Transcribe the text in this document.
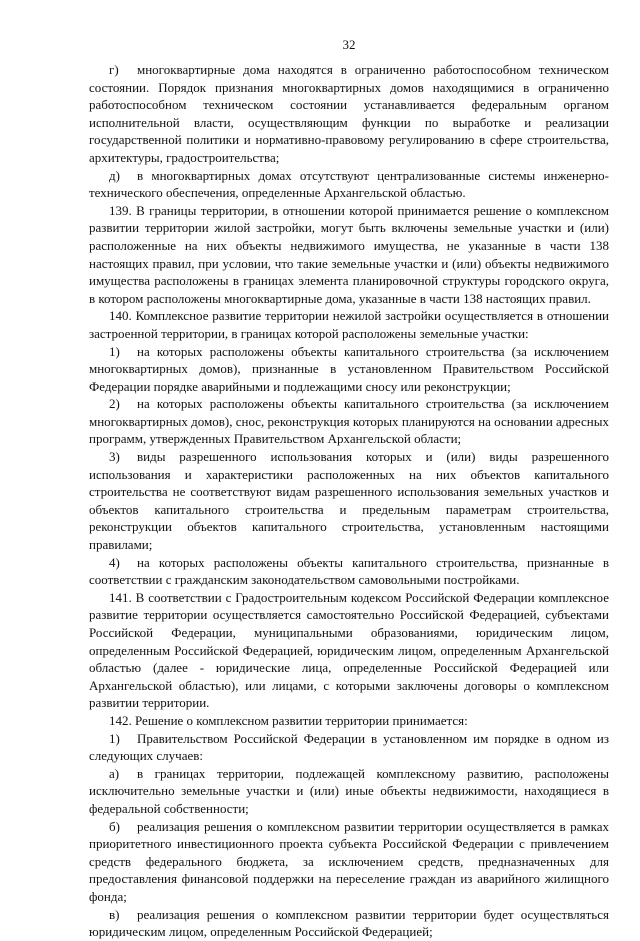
32

г) многоквартирные дома находятся в ограниченно работоспособном техническом состоянии. Порядок признания многоквартирных домов находящимися в ограниченно работоспособном техническом состоянии устанавливается федеральным органом исполнительной власти, осуществляющим функции по выработке и реализации государственной политики и нормативно-правовому регулированию в сфере строительства, архитектуры, градостроительства;

д) в многоквартирных домах отсутствуют централизованные системы инженерно-технического обеспечения, определенные Архангельской областью.

139. В границы территории, в отношении которой принимается решение о комплексном развитии территории жилой застройки, могут быть включены земельные участки и (или) расположенные на них объекты недвижимого имущества, не указанные в части 138 настоящих правил, при условии, что такие земельные участки и (или) объекты недвижимого имущества расположены в границах элемента планировочной структуры городского округа, в котором расположены многоквартирные дома, указанные в части 138 настоящих правил.

140. Комплексное развитие территории нежилой застройки осуществляется в отношении застроенной территории, в границах которой расположены земельные участки:

1) на которых расположены объекты капитального строительства (за исключением многоквартирных домов), признанные в установленном Правительством Российской Федерации порядке аварийными и подлежащими сносу или реконструкции;

2) на которых расположены объекты капитального строительства (за исключением многоквартирных домов), снос, реконструкция которых планируются на основании адресных программ, утвержденных Правительством Архангельской области;

3) виды разрешенного использования которых и (или) виды разрешенного использования и характеристики расположенных на них объектов капитального строительства не соответствуют видам разрешенного использования земельных участков и объектов капитального строительства и предельным параметрам строительства, реконструкции объектов капитального строительства, установленным настоящими правилами;

4) на которых расположены объекты капитального строительства, признанные в соответствии с гражданским законодательством самовольными постройками.

141. В соответствии с Градостроительным кодексом Российской Федерации комплексное развитие территории осуществляется самостоятельно Российской Федерацией, субъектами Российской Федерации, муниципальными образованиями, юридическим лицом, определенным Российской Федерацией, юридическим лицом, определенным Архангельской областью (далее - юридические лица, определенные Российской Федерацией или Архангельской областью), или лицами, с которыми заключены договоры о комплексном развитии территории.

142. Решение о комплексном развитии территории принимается:

1) Правительством Российской Федерации в установленном им порядке в одном из следующих случаев:

а) в границах территории, подлежащей комплексному развитию, расположены исключительно земельные участки и (или) иные объекты недвижимости, находящиеся в федеральной собственности;

б) реализация решения о комплексном развитии территории осуществляется в рамках приоритетного инвестиционного проекта субъекта Российской Федерации с привлечением средств федерального бюджета, за исключением средств, предназначенных для предоставления финансовой поддержки на переселение граждан из аварийного жилищного фонда;

в) реализация решения о комплексном развитии территории будет осуществляться юридическим лицом, определенным Российской Федерацией;
